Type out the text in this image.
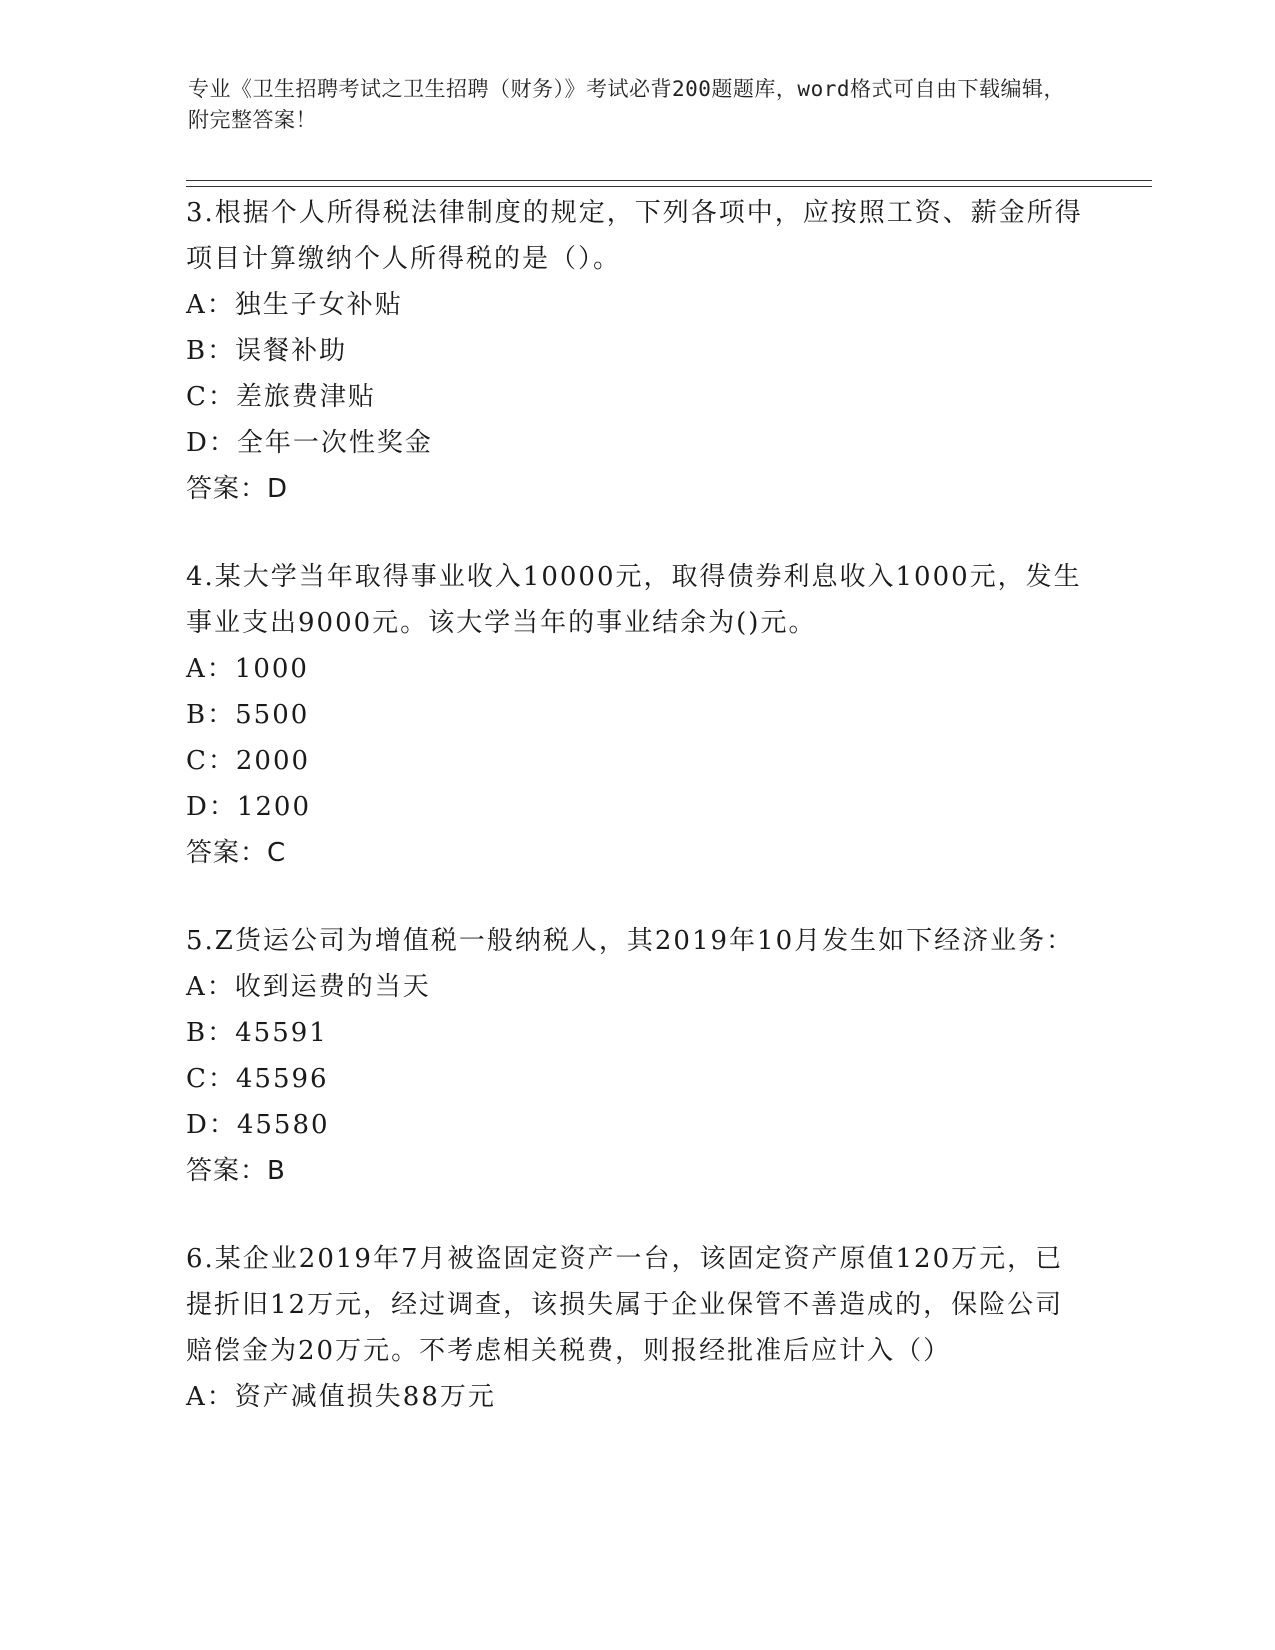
专业《卫生招聘考试之卫生招聘（财务）》考试必背200题题库，word格式可自由下载编辑，附完整答案！

3.根据个人所得税法律制度的规定，下列各项中，应按照工资、薪金所得项目计算缴纳个人所得税的是（）。

A：独生子女补贴

B：误餐补助

C：差旅费津贴

D：全年一次性奖金

答案：D

4.某大学当年取得事业收入10000元，取得债券利息收入1000元，发生事业支出9000元。该大学当年的事业结余为()元。

A：1000

B：5500

C：2000

D：1200

答案：C

5.Z货运公司为增值税一般纳税人，其2019年10月发生如下经济业务：

A：收到运费的当天

B：45591

C：45596

D：45580

答案：B

6.某企业2019年7月被盗固定资产一台，该固定资产原值120万元，已提折旧12万元，经过调查，该损失属于企业保管不善造成的，保险公司赔偿金为20万元。不考虑相关税费，则报经批准后应计入（）

A：资产减值损失88万元
